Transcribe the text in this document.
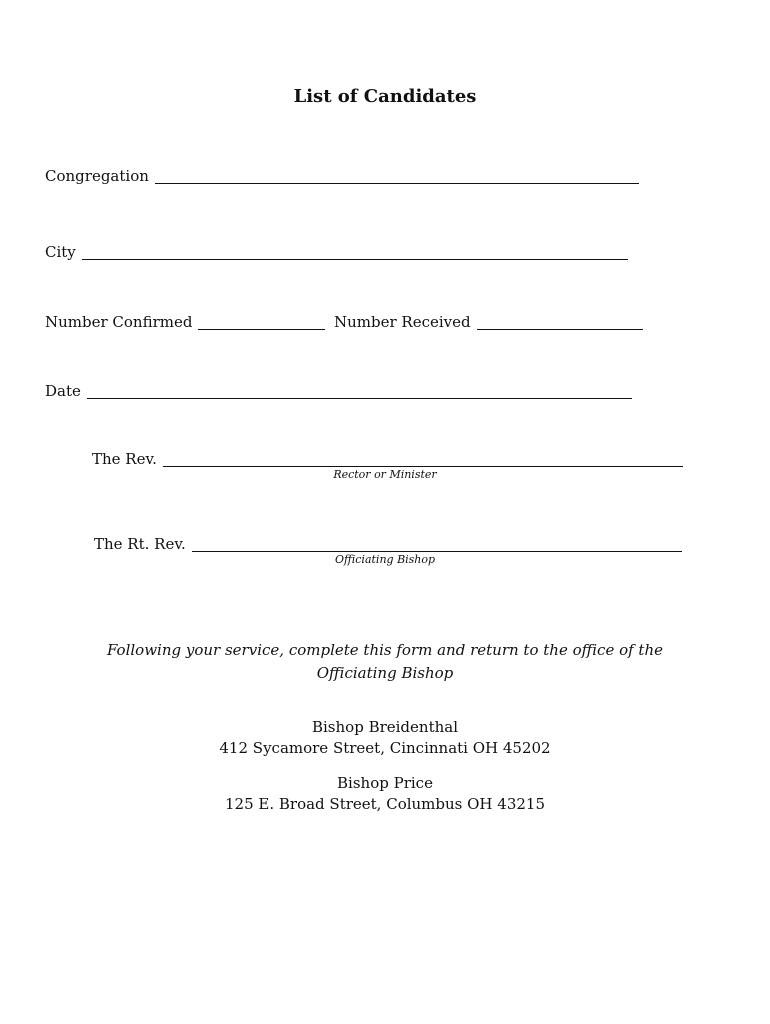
List of Candidates
Congregation
City
Number Confirmed	Number Received
Date
The Rev.
Rector or Minister
The Rt. Rev.
Officiating Bishop
Following your service, complete this form and return to the office of the
Officiating Bishop
Bishop Breidenthal
412 Sycamore Street, Cincinnati OH 45202
Bishop Price
125 E. Broad Street, Columbus OH 43215
